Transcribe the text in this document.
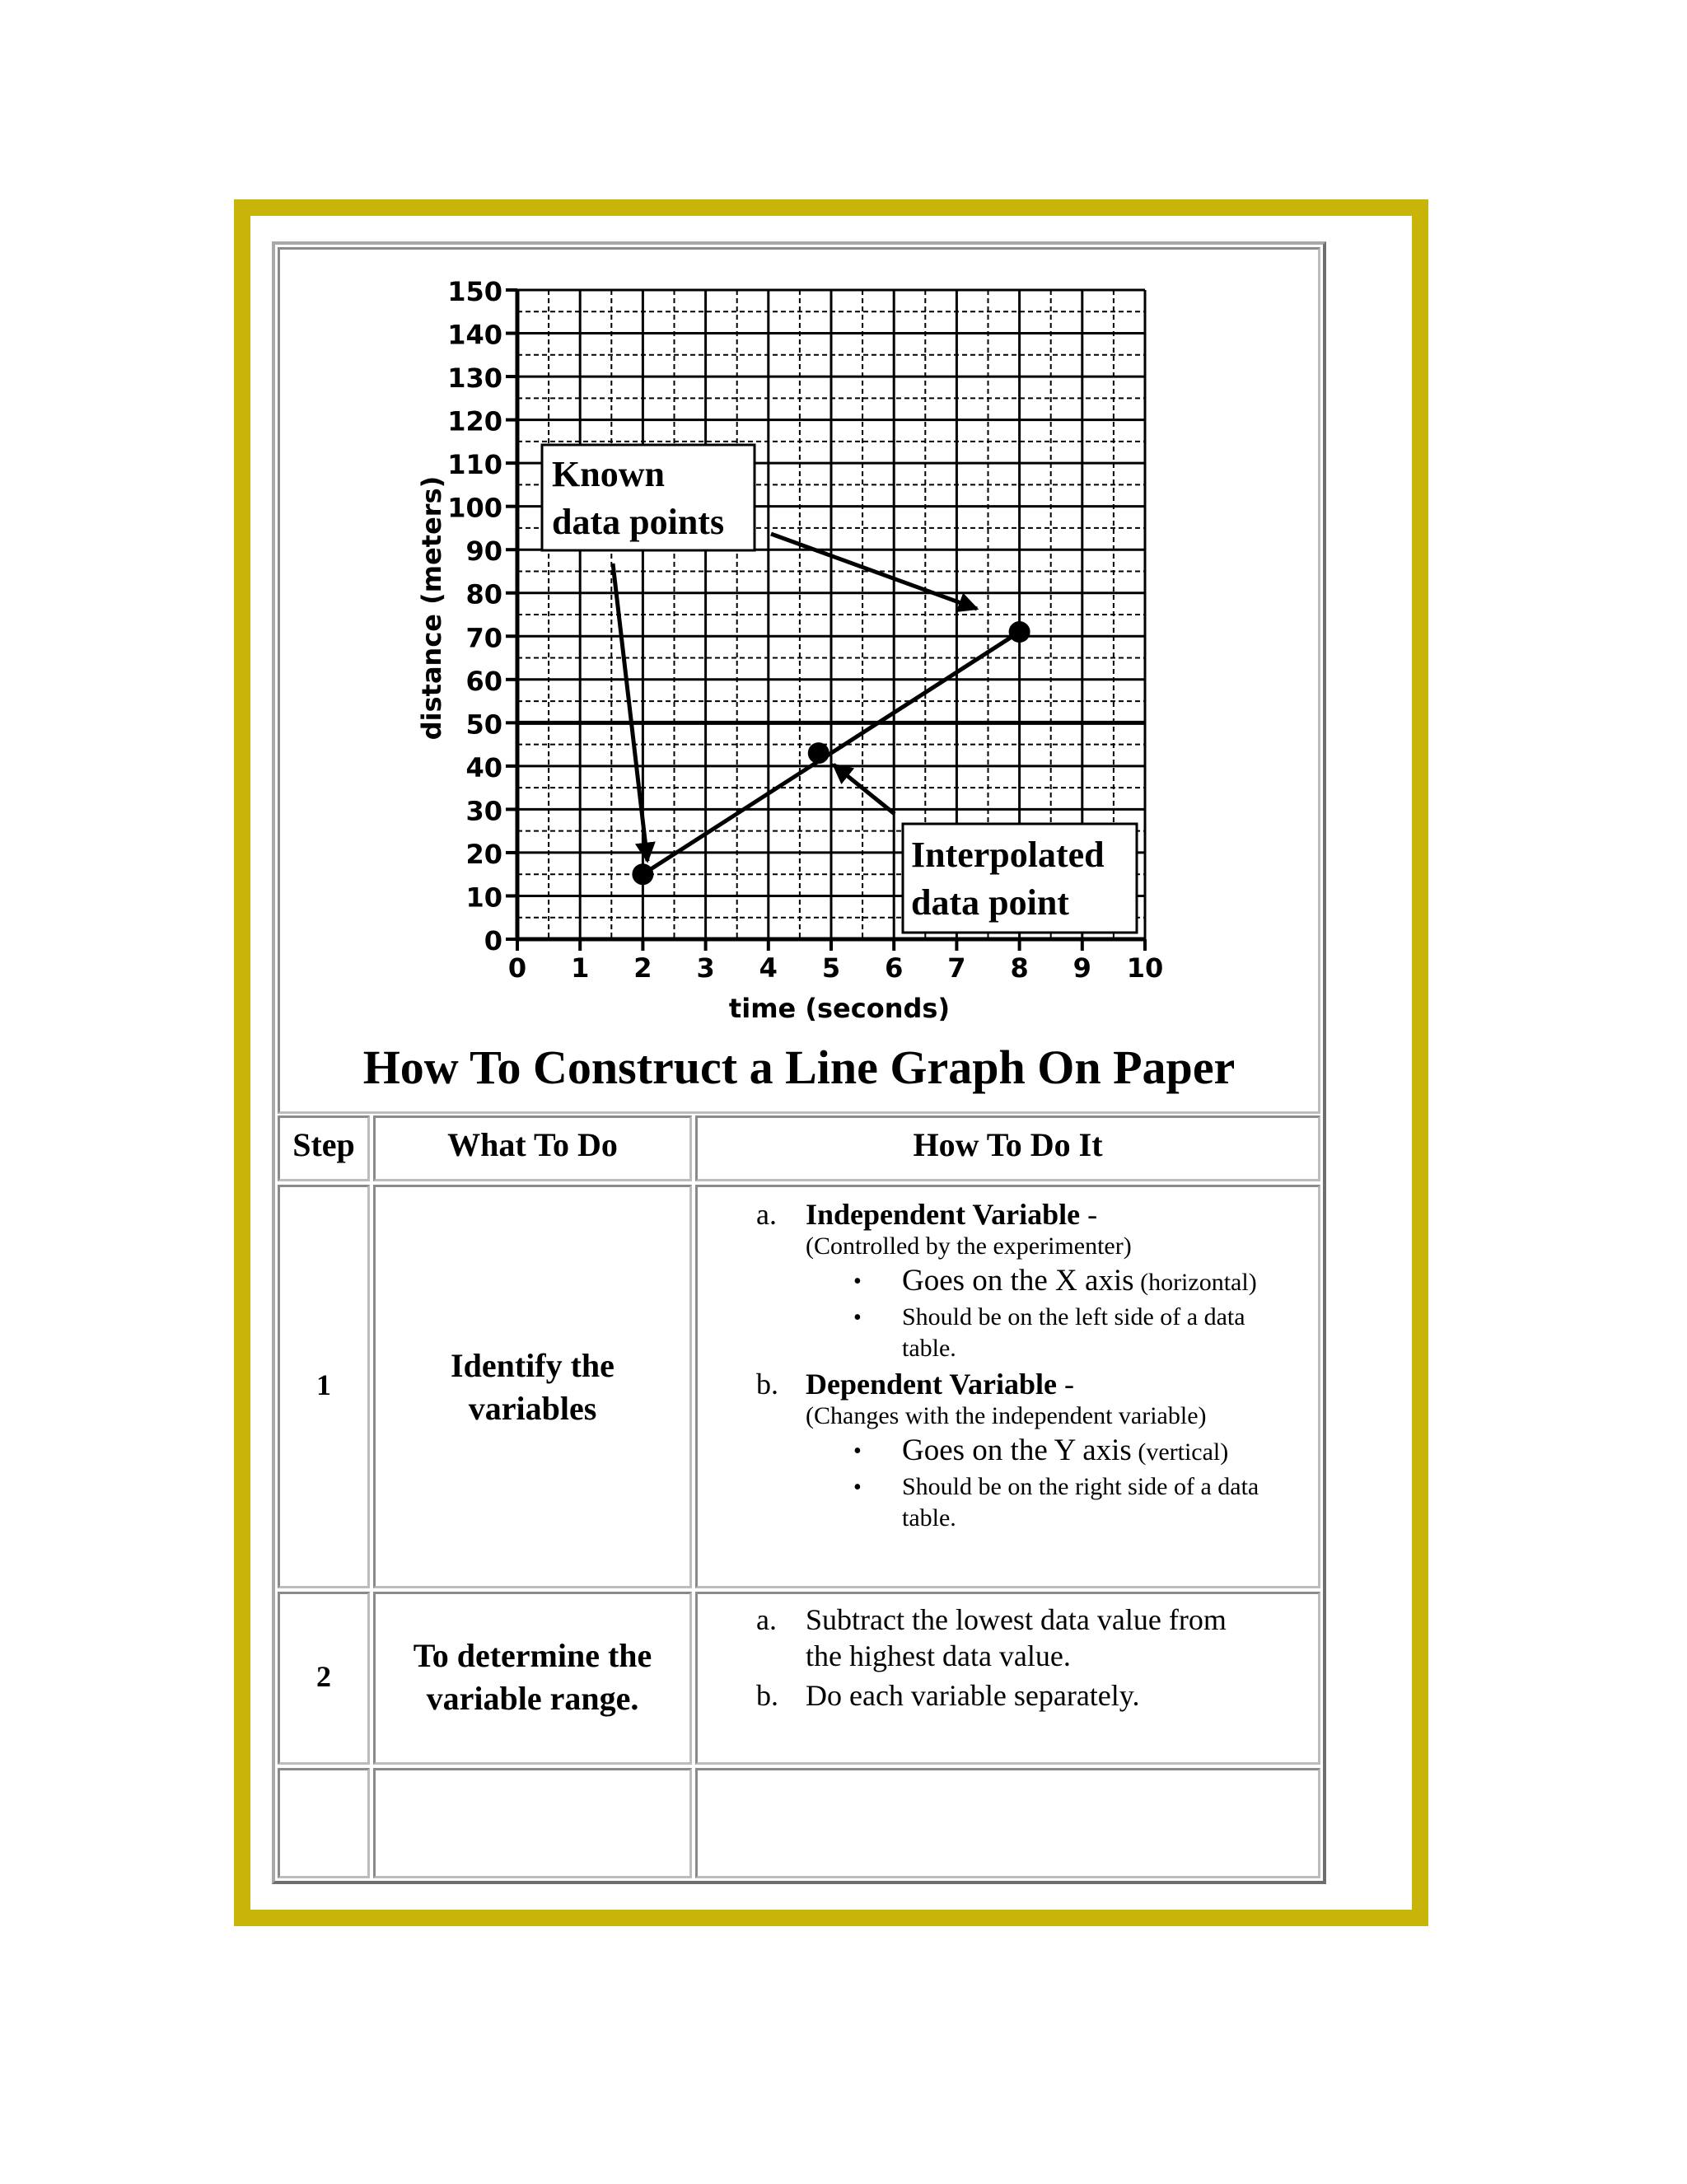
0
10
20
30
40
50
60
70
80
90
100
110
120
130
140
150
0 1 2 3 4 5 6 7 8 9 10
time (seconds)
distance (meters)
Known
data points
Interpolated
data point
How To Construct a Line Graph On Paper
Step	What To Do	How To Do It
1
Identify the
variables
a. Independent Variable -
(Controlled by the experimenter)
• Goes on the X axis (horizontal)
• Should be on the left side of a data
table.
b. Dependent Variable -
(Changes with the independent variable)
• Goes on the Y axis (vertical)
• Should be on the right side of a data
table.
2
To determine the
variable range.
a. Subtract the lowest data value from
the highest data value.
b. Do each variable separately.
